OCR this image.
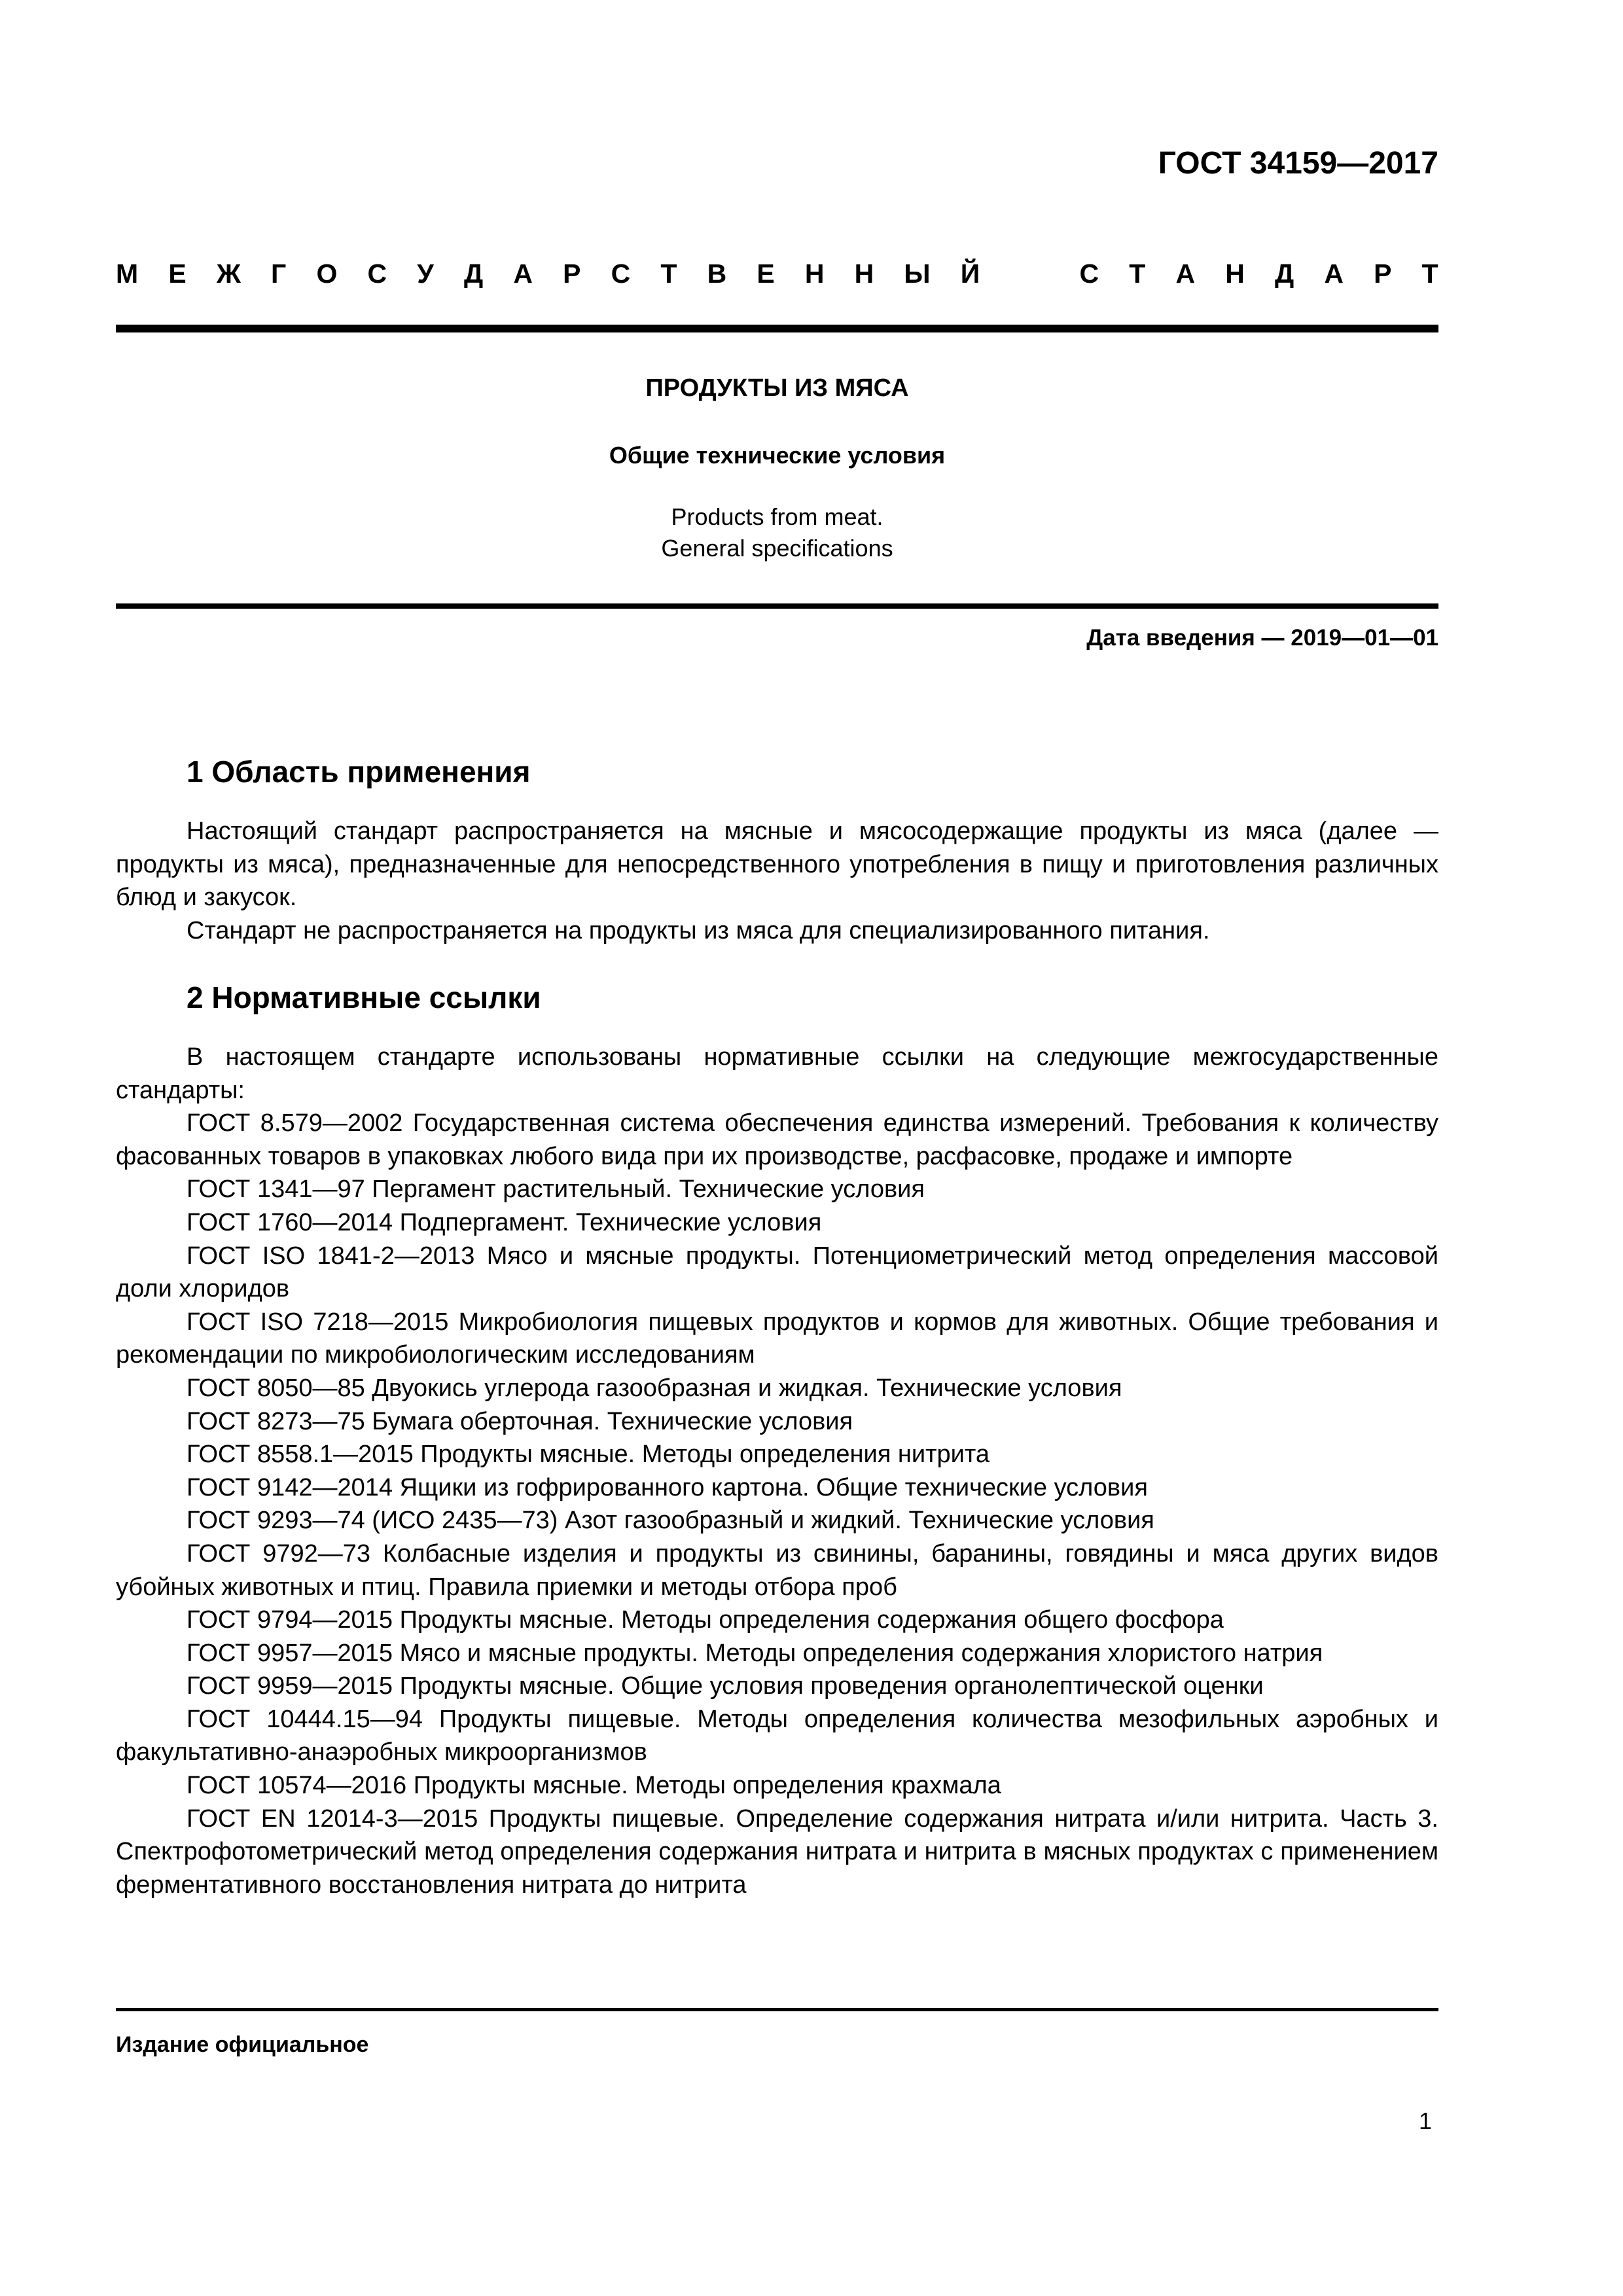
ГОСТ 34159—2017
М Е Ж Г О С У Д А Р С Т В Е Н Н Ы Й	С Т А Н Д А Р Т
ПРОДУКТЫ ИЗ МЯСА
Общие технические условия
Products from meat.
General specifications
Дата введения — 2019—01—01
1 Область применения

Настоящий стандарт распространяется на мясные и мясосодержащие продукты из мяса (далее — продукты из мяса), предназначенные для непосредственного употребления в пищу и приготовления различных блюд и закусок.

Стандарт не распространяется на продукты из мяса для специализированного питания.

2 Нормативные ссылки

В настоящем стандарте использованы нормативные ссылки на следующие межгосударственные стандарты:

ГОСТ 8.579—2002 Государственная система обеспечения единства измерений. Требования к количеству фасованных товаров в упаковках любого вида при их производстве, расфасовке, продаже и импорте

ГОСТ 1341—97 Пергамент растительный. Технические условия

ГОСТ 1760—2014 Подпергамент. Технические условия

ГОСТ ISO 1841-2—2013 Мясо и мясные продукты. Потенциометрический метод определения массовой доли хлоридов

ГОСТ ISO 7218—2015 Микробиология пищевых продуктов и кормов для животных. Общие требования и рекомендации по микробиологическим исследованиям

ГОСТ 8050—85 Двуокись углерода газообразная и жидкая. Технические условия

ГОСТ 8273—75 Бумага оберточная. Технические условия

ГОСТ 8558.1—2015 Продукты мясные. Методы определения нитрита

ГОСТ 9142—2014 Ящики из гофрированного картона. Общие технические условия

ГОСТ 9293—74 (ИСО 2435—73) Азот газообразный и жидкий. Технические условия

ГОСТ 9792—73 Колбасные изделия и продукты из свинины, баранины, говядины и мяса других видов убойных животных и птиц. Правила приемки и методы отбора проб

ГОСТ 9794—2015 Продукты мясные. Методы определения содержания общего фосфора

ГОСТ 9957—2015 Мясо и мясные продукты. Методы определения содержания хлористого натрия

ГОСТ 9959—2015 Продукты мясные. Общие условия проведения органолептической оценки

ГОСТ 10444.15—94 Продукты пищевые. Методы определения количества мезофильных аэробных и факультативно-анаэробных микроорганизмов

ГОСТ 10574—2016 Продукты мясные. Методы определения крахмала

ГОСТ EN 12014-3—2015 Продукты пищевые. Определение содержания нитрата и/или нитрита. Часть 3. Спектрофотометрический метод определения содержания нитрата и нитрита в мясных продуктах с применением ферментативного восстановления нитрата до нитрита

Издание официальное
1
